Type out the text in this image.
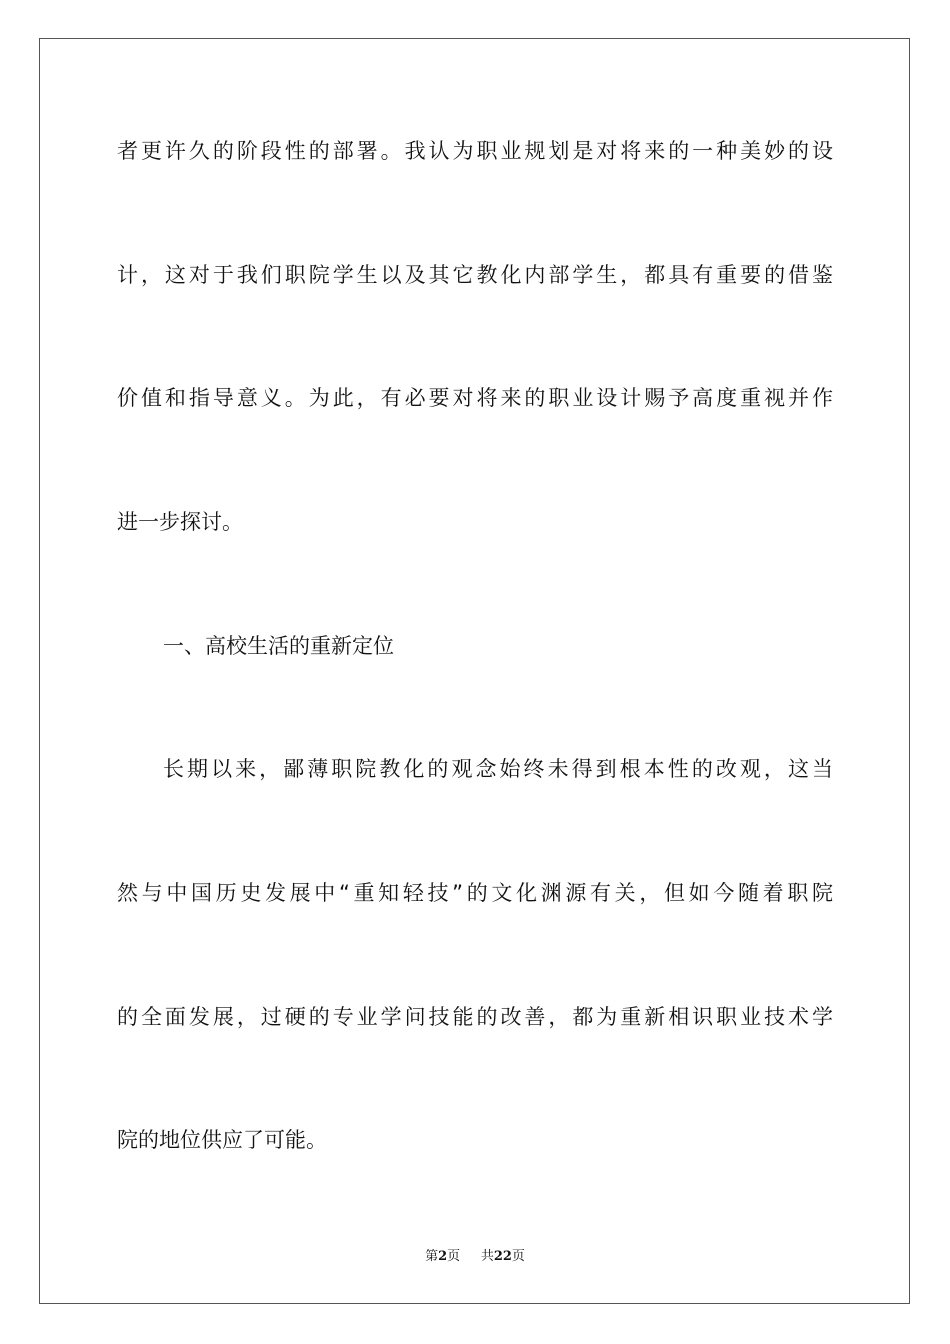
者更许久的阶段性的部署。我认为职业规划是对将来的一种美妙的设
计，这对于我们职院学生以及其它教化内部学生，都具有重要的借鉴
价值和指导意义。为此，有必要对将来的职业设计赐予高度重视并作
进一步探讨。
一、高校生活的重新定位
长期以来，鄙薄职院教化的观念始终未得到根本性的改观，这当
然与中国历史发展中“重知轻技”的文化渊源有关，但如今随着职院
的全面发展，过硬的专业学问技能的改善，都为重新相识职业技术学
院的地位供应了可能。
第2页 共22页
